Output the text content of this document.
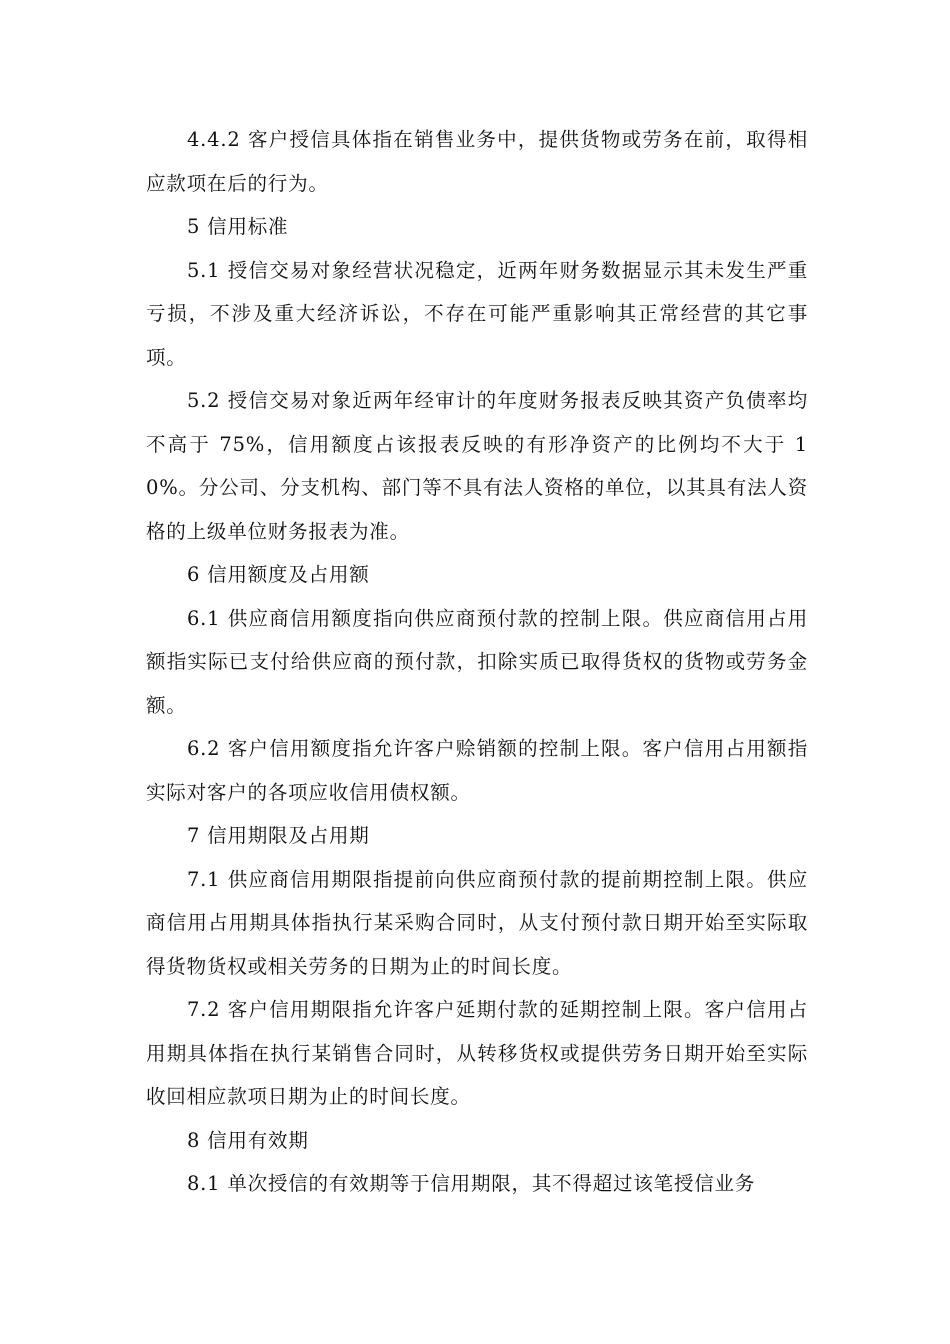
4.4.2 客户授信具体指在销售业务中，提供货物或劳务在前，取得相应款项在后的行为。

5 信用标准

5.1 授信交易对象经营状况稳定，近两年财务数据显示其未发生严重亏损，不涉及重大经济诉讼，不存在可能严重影响其正常经营的其它事项。

5.2 授信交易对象近两年经审计的年度财务报表反映其资产负债率均不高于 75%，信用额度占该报表反映的有形净资产的比例均不大于 10%。分公司、分支机构、部门等不具有法人资格的单位，以其具有法人资格的上级单位财务报表为准。

6 信用额度及占用额

6.1 供应商信用额度指向供应商预付款的控制上限。供应商信用占用额指实际已支付给供应商的预付款，扣除实质已取得货权的货物或劳务金额。

6.2 客户信用额度指允许客户赊销额的控制上限。客户信用占用额指实际对客户的各项应收信用债权额。

7 信用期限及占用期

7.1 供应商信用期限指提前向供应商预付款的提前期控制上限。供应商信用占用期具体指执行某采购合同时，从支付预付款日期开始至实际取得货物货权或相关劳务的日期为止的时间长度。

7.2 客户信用期限指允许客户延期付款的延期控制上限。客户信用占用期具体指在执行某销售合同时，从转移货权或提供劳务日期开始至实际收回相应款项日期为止的时间长度。

8 信用有效期

8.1 单次授信的有效期等于信用期限，其不得超过该笔授信业务
